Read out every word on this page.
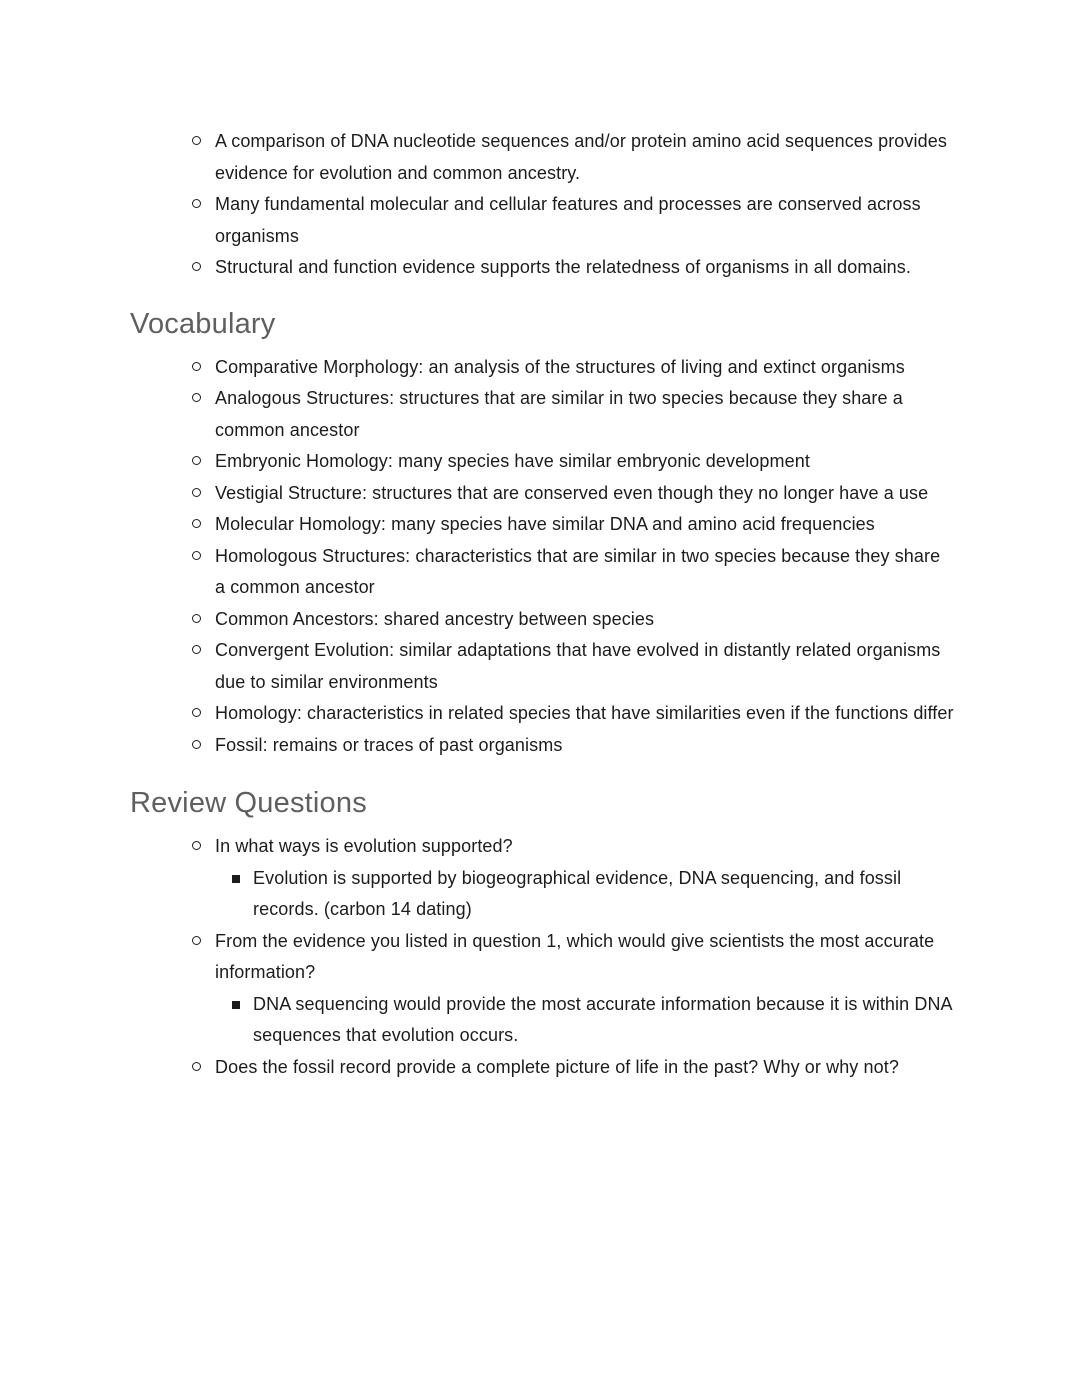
A comparison of DNA nucleotide sequences and/or protein amino acid sequences provides evidence for evolution and common ancestry.

Many fundamental molecular and cellular features and processes are conserved across organisms

Structural and function evidence supports the relatedness of organisms in all domains.

Vocabulary

Comparative Morphology: an analysis of the structures of living and extinct organisms

Analogous Structures: structures that are similar in two species because they share a common ancestor

Embryonic Homology: many species have similar embryonic development

Vestigial Structure: structures that are conserved even though they no longer have a use

Molecular Homology: many species have similar DNA and amino acid frequencies

Homologous Structures: characteristics that are similar in two species because they share a common ancestor

Common Ancestors: shared ancestry between species

Convergent Evolution: similar adaptations that have evolved in distantly related organisms due to similar environments

Homology: characteristics in related species that have similarities even if the functions differ

Fossil: remains or traces of past organisms

Review Questions

In what ways is evolution supported?

Evolution is supported by biogeographical evidence, DNA sequencing, and fossil records. (carbon 14 dating)

From the evidence you listed in question 1, which would give scientists the most accurate information?

DNA sequencing would provide the most accurate information because it is within DNA sequences that evolution occurs.

Does the fossil record provide a complete picture of life in the past? Why or why not?
